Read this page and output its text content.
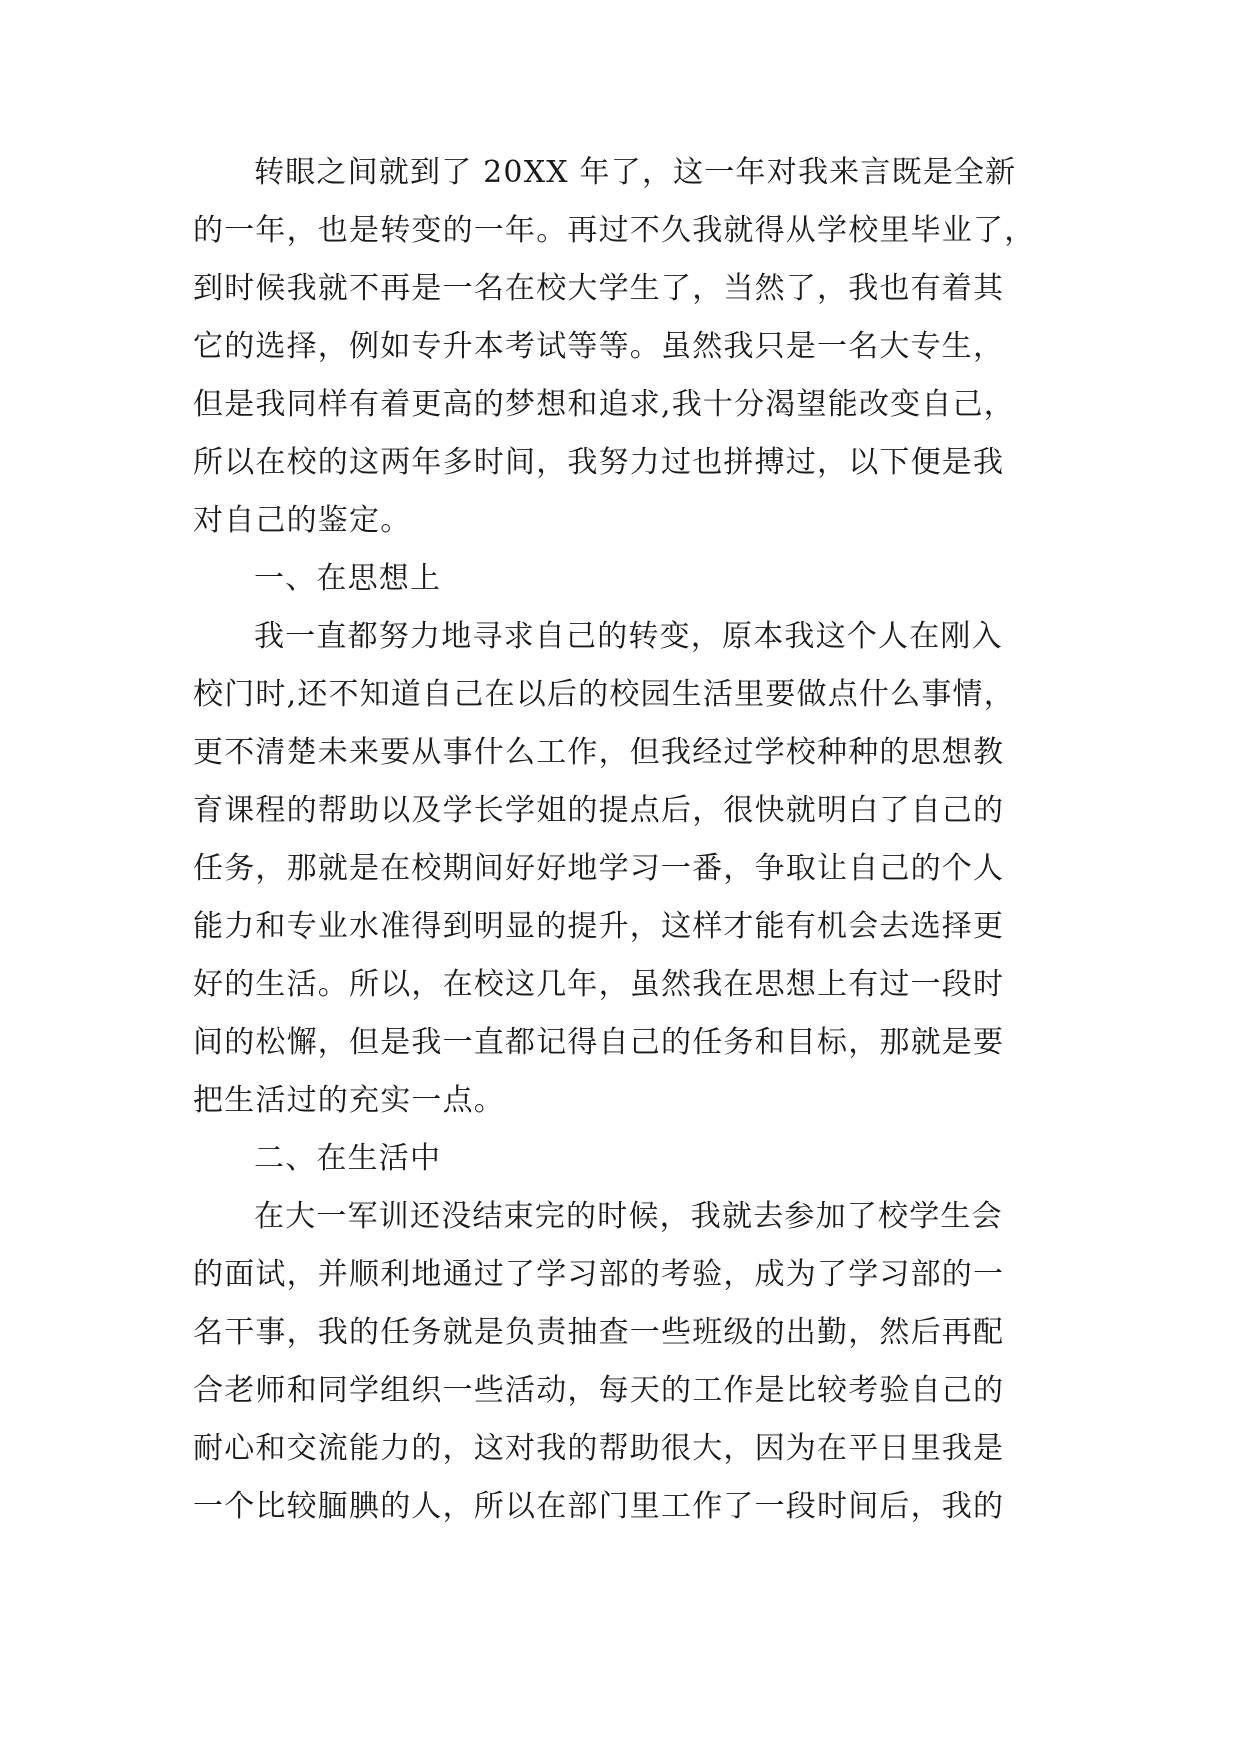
转眼之间就到了 20XX 年了，这一年对我来言既是全新
的一年，也是转变的一年。再过不久我就得从学校里毕业了，
到时候我就不再是一名在校大学生了，当然了，我也有着其
它的选择，例如专升本考试等等。虽然我只是一名大专生，
但是我同样有着更高的梦想和追求,我十分渴望能改变自己，
所以在校的这两年多时间，我努力过也拼搏过，以下便是我
对自己的鉴定。
一、在思想上
我一直都努力地寻求自己的转变，原本我这个人在刚入
校门时,还不知道自己在以后的校园生活里要做点什么事情，
更不清楚未来要从事什么工作，但我经过学校种种的思想教
育课程的帮助以及学长学姐的提点后，很快就明白了自己的
任务，那就是在校期间好好地学习一番，争取让自己的个人
能力和专业水准得到明显的提升，这样才能有机会去选择更
好的生活。所以，在校这几年，虽然我在思想上有过一段时
间的松懈，但是我一直都记得自己的任务和目标，那就是要
把生活过的充实一点。
二、在生活中
在大一军训还没结束完的时候，我就去参加了校学生会
的面试，并顺利地通过了学习部的考验，成为了学习部的一
名干事，我的任务就是负责抽查一些班级的出勤，然后再配
合老师和同学组织一些活动，每天的工作是比较考验自己的
耐心和交流能力的，这对我的帮助很大，因为在平日里我是
一个比较腼腆的人，所以在部门里工作了一段时间后，我的
